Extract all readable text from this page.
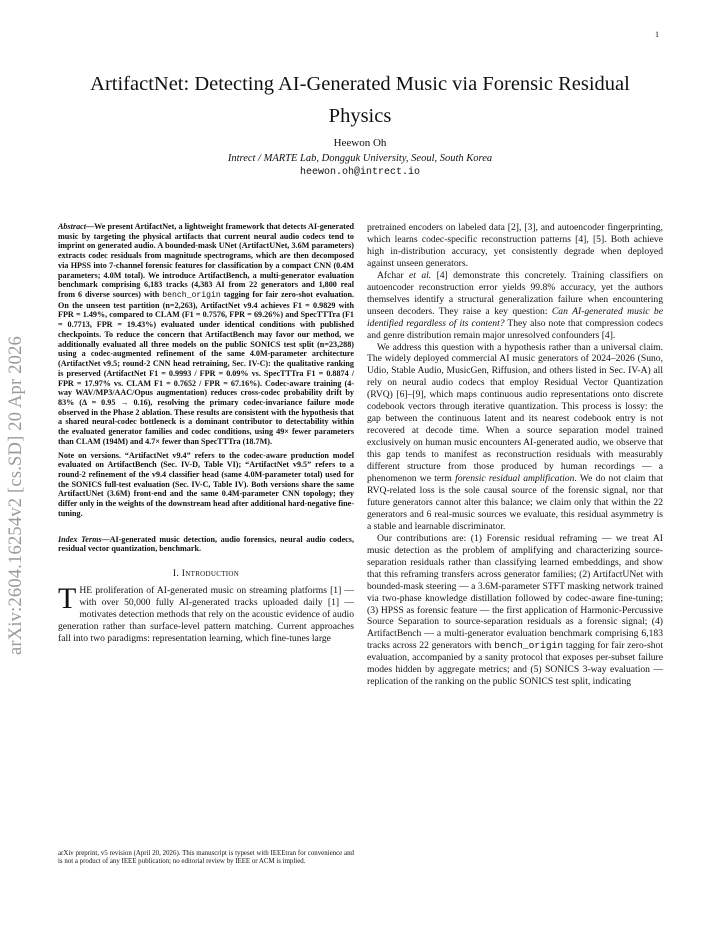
1
arXiv:2604.16254v2 [cs.SD] 20 Apr 2026
ArtifactNet: Detecting AI-Generated Music via Forensic Residual Physics
Heewon Oh
Intrect / MARTE Lab, Dongguk University, Seoul, South Korea
heewon.oh@intrect.io

Abstract—We present ArtifactNet, a lightweight framework that detects AI-generated music by targeting the physical artifacts that current neural audio codecs tend to imprint on generated audio. A bounded-mask UNet (ArtifactUNet, 3.6M parameters) extracts codec residuals from magnitude spectrograms, which are then decomposed via HPSS into 7-channel forensic features for classification by a compact CNN (0.4M parameters; 4.0M total). We introduce ArtifactBench, a multi-generator evaluation benchmark comprising 6,183 tracks (4,383 AI from 22 generators and 1,800 real from 6 diverse sources) with bench_origin tagging for fair zero-shot evaluation. On the unseen test partition (n=2,263), ArtifactNet v9.4 achieves F1 = 0.9829 with FPR = 1.49%, compared to CLAM (F1 = 0.7576, FPR = 69.26%) and SpecTTTra (F1 = 0.7713, FPR = 19.43%) evaluated under identical conditions with published checkpoints. To reduce the concern that ArtifactBench may favor our method, we additionally evaluated all three models on the public SONICS test split (n=23,288) using a codec-augmented refinement of the same 4.0M-parameter architecture (ArtifactNet v9.5; round-2 CNN head retraining, Sec. IV-C): the qualitative ranking is preserved (ArtifactNet F1 = 0.9993 / FPR = 0.09% vs. SpecTTTra F1 = 0.8874 / FPR = 17.97% vs. CLAM F1 = 0.7652 / FPR = 67.16%). Codec-aware training (4-way WAV/MP3/AAC/Opus augmentation) reduces cross-codec probability drift by 83% (Δ = 0.95 → 0.16), resolving the primary codec-invariance failure mode observed in the Phase 2 ablation. These results are consistent with the hypothesis that a shared neural-codec bottleneck is a dominant contributor to detectability within the evaluated generator families and codec conditions, using 49× fewer parameters than CLAM (194M) and 4.7× fewer than SpecTTTra (18.7M).

Note on versions. “ArtifactNet v9.4” refers to the codec-aware production model evaluated on ArtifactBench (Sec. IV-D, Table VI); “ArtifactNet v9.5” refers to a round-2 refinement of the v9.4 classifier head (same 4.0M-parameter total) used for the SONICS full-test evaluation (Sec. IV-C, Table IV). Both versions share the same ArtifactUNet (3.6M) front-end and the same 0.4M-parameter CNN topology; they differ only in the weights of the downstream head after additional hard-negative fine-tuning.

Index Terms—AI-generated music detection, audio forensics, neural audio codecs, residual vector quantization, benchmark.
I. Introduction

THE proliferation of AI-generated music on streaming platforms [1] — with over 50,000 fully AI-generated tracks uploaded daily [1] — motivates detection methods that rely on the acoustic evidence of audio generation rather than surface-level pattern matching. Current approaches fall into two paradigms: representation learning, which fine-tunes large

arXiv preprint, v5 revision (April 20, 2026). This manuscript is typeset with IEEEtran for convenience and is not a product of any IEEE publication; no editorial review by IEEE or ACM is implied.

pretrained encoders on labeled data [2], [3], and autoencoder fingerprinting, which learns codec-specific reconstruction patterns [4], [5]. Both achieve high in-distribution accuracy, yet consistently degrade when deployed against unseen generators.

Afchar et al. [4] demonstrate this concretely. Training classifiers on autoencoder reconstruction error yields 99.8% accuracy, yet the authors themselves identify a structural generalization failure when encountering unseen decoders. They raise a key question: Can AI-generated music be identified regardless of its content? They also note that compression codecs and genre distribution remain major unresolved confounders [4].

We address this question with a hypothesis rather than a universal claim. The widely deployed commercial AI music generators of 2024–2026 (Suno, Udio, Stable Audio, MusicGen, Riffusion, and others listed in Sec. IV-A) all rely on neural audio codecs that employ Residual Vector Quantization (RVQ) [6]–[9], which maps continuous audio representations onto discrete codebook vectors through iterative quantization. This process is lossy: the gap between the continuous latent and its nearest codebook entry is not recovered at decode time. When a source separation model trained exclusively on human music encounters AI-generated audio, we observe that this gap tends to manifest as reconstruction residuals with measurably different structure from those produced by human recordings — a phenomenon we term forensic residual amplification. We do not claim that RVQ-related loss is the sole causal source of the forensic signal, nor that future generators cannot alter this balance; we claim only that within the 22 generators and 6 real-music sources we evaluate, this residual asymmetry is a stable and learnable discriminator.

Our contributions are: (1) Forensic residual reframing — we treat AI music detection as the problem of amplifying and characterizing source-separation residuals rather than classifying learned embeddings, and show that this reframing transfers across generator families; (2) ArtifactUNet with bounded-mask steering — a 3.6M-parameter STFT masking network trained via two-phase knowledge distillation followed by codec-aware fine-tuning; (3) HPSS as forensic feature — the first application of Harmonic-Percussive Source Separation to source-separation residuals as a forensic signal; (4) ArtifactBench — a multi-generator evaluation benchmark comprising 6,183 tracks across 22 generators with bench_origin tagging for fair zero-shot evaluation, accompanied by a sanity protocol that exposes per-subset failure modes hidden by aggregate metrics; and (5) SONICS 3-way evaluation — replication of the ranking on the public SONICS test split, indicating
